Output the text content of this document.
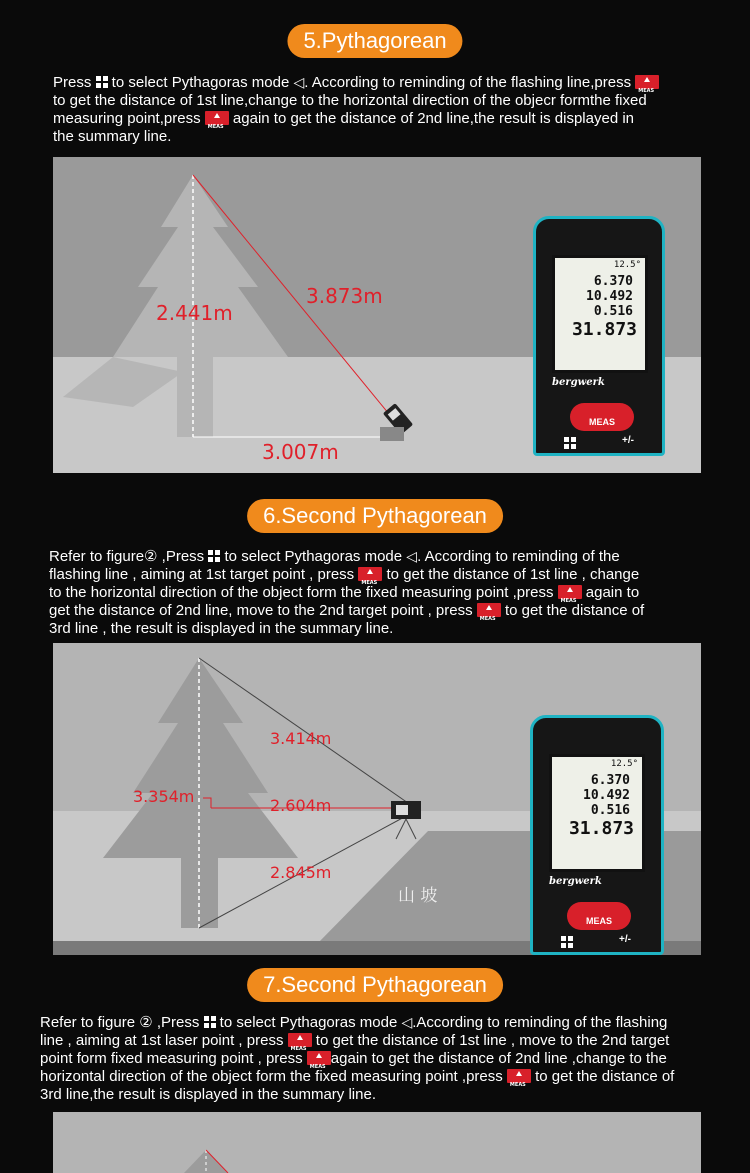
5.Pythagorean
Press  to select Pythagoras mode ◁. According to reminding of the flashing line,press MEAS
to get the distance of 1st line,change to the horizontal direction of the objecr formthe fixed
measuring point,press MEAS again to get the distance of 2nd line,the result is displayed in
the summary line.
2.441m
3.873m
3.007m
6.Second Pythagorean
Refer to figure② ,Press  to select Pythagoras mode ◁. According to reminding of the
flashing line , aiming at 1st target point , press MEAS to get the distance of 1st line , change
to the horizontal direction of the object form the fixed measuring point ,press MEAS again to
get the distance of 2nd line, move to the 2nd target point , press MEAS to get the distance of
3rd line , the result is displayed in the summary line.
3.414m
3.354m	2.604m
2.845m
山 坡
7.Second Pythagorean
Refer to figure ② ,Press  to select Pythagoras mode ◁.According to reminding of the flashing
line , aiming at 1st laser point , press MEAS to get the distance of 1st line , move to the 2nd target
point form fixed measuring point , press MEASagain to get the distance of 2nd line ,change to the
horizontal direction of the object form the fixed measuring point ,press MEAS to get the distance of
3rd line,the result is displayed in the summary line.
12.5°
6.370
10.492
0.516
31.873
bergwerk
MEAS
+/-
12.5°
6.370
10.492
0.516
31.873
bergwerk
MEAS
+/-
